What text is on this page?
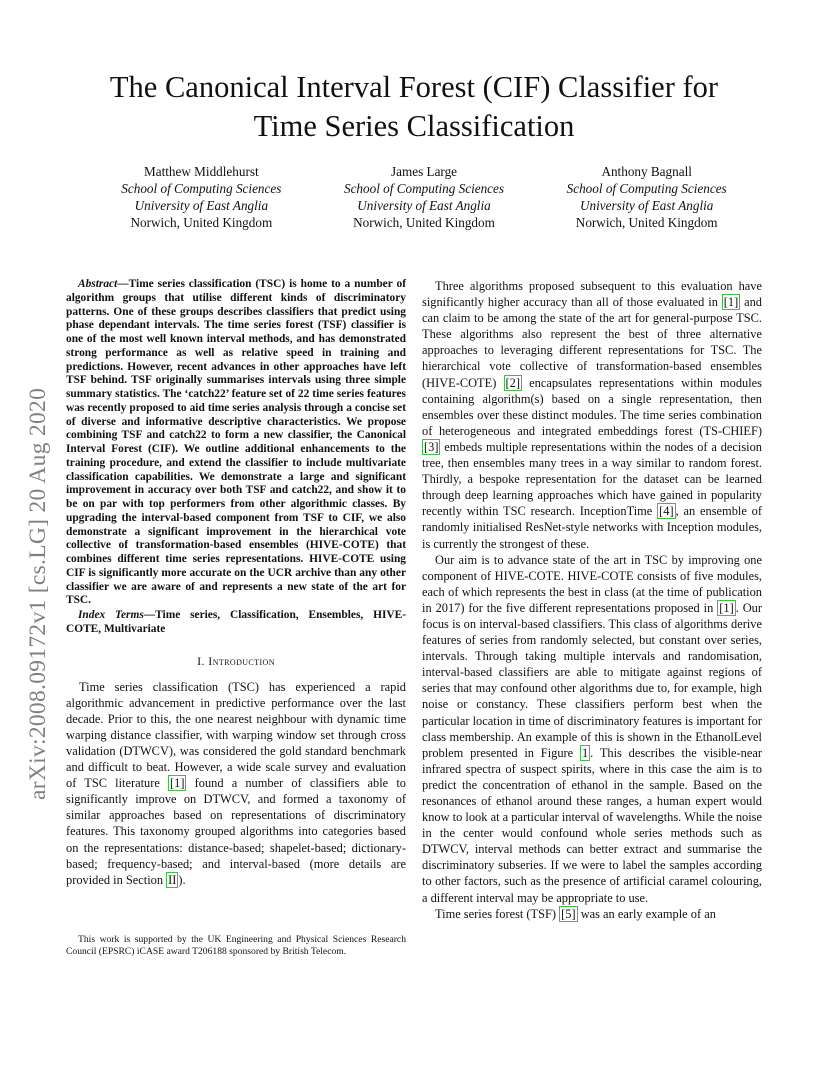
The Canonical Interval Forest (CIF) Classifier for
Time Series Classification
Matthew Middlehurst
School of Computing Sciences
University of East Anglia
Norwich, United Kingdom
James Large
School of Computing Sciences
University of East Anglia
Norwich, United Kingdom
Anthony Bagnall
School of Computing Sciences
University of East Anglia
Norwich, United Kingdom
arXiv:2008.09172v1 [cs.LG] 20 Aug 2020

Abstract—Time series classification (TSC) is home to a number of algorithm groups that utilise different kinds of discriminatory patterns. One of these groups describes classifiers that predict using phase dependant intervals. The time series forest (TSF) classifier is one of the most well known interval methods, and has demonstrated strong performance as well as relative speed in training and predictions. However, recent advances in other approaches have left TSF behind. TSF originally summarises intervals using three simple summary statistics. The ‘catch22’ feature set of 22 time series features was recently proposed to aid time series analysis through a concise set of diverse and informative descriptive characteristics. We propose combining TSF and catch22 to form a new classifier, the Canonical Interval Forest (CIF). We outline additional enhancements to the training procedure, and extend the classifier to include multivariate classification capabilities. We demonstrate a large and significant improvement in accuracy over both TSF and catch22, and show it to be on par with top performers from other algorithmic classes. By upgrading the interval-based component from TSF to CIF, we also demonstrate a significant improvement in the hierarchical vote collective of transformation-based ensembles (HIVE-COTE) that combines different time series representations. HIVE-COTE using CIF is significantly more accurate on the UCR archive than any other classifier we are aware of and represents a new state of the art for TSC.

Index Terms—Time series, Classification, Ensembles, HIVE-COTE, Multivariate

I. Introduction

Time series classification (TSC) has experienced a rapid algorithmic advancement in predictive performance over the last decade. Prior to this, the one nearest neighbour with dynamic time warping distance classifier, with warping window set through cross validation (DTWCV), was considered the gold standard benchmark and difficult to beat. However, a wide scale survey and evaluation of TSC literature [1] found a number of classifiers able to significantly improve on DTWCV, and formed a taxonomy of similar approaches based on representations of discriminatory features. This taxonomy grouped algorithms into categories based on the representations: distance-based; shapelet-based; dictionary-based; frequency-based; and interval-based (more details are provided in Section II ).

This work is supported by the UK Engineering and Physical Sciences Research Council (EPSRC) iCASE award T206188 sponsored by British Telecom.

Three algorithms proposed subsequent to this evaluation have significantly higher accuracy than all of those evaluated in [1] and can claim to be among the state of the art for general-purpose TSC. These algorithms also represent the best of three alternative approaches to leveraging different representations for TSC. The hierarchical vote collective of transformation-based ensembles (HIVE-COTE) [2] encapsulates representations within modules containing algorithm(s) based on a single representation, then ensembles over these distinct modules. The time series combination of heterogeneous and integrated embeddings forest (TS-CHIEF) [3] embeds multiple representations within the nodes of a decision tree, then ensembles many trees in a way similar to random forest. Thirdly, a bespoke representation for the dataset can be learned through deep learning approaches which have gained in popularity recently within TSC research. InceptionTime [4] , an ensemble of randomly initialised ResNet-style networks with Inception modules, is currently the strongest of these.

Our aim is to advance state of the art in TSC by improving one component of HIVE-COTE. HIVE-COTE consists of five modules, each of which represents the best in class (at the time of publication in 2017) for the five different representations proposed in [1] . Our focus is on interval-based classifiers. This class of algorithms derive features of series from randomly selected, but constant over series, intervals. Through taking multiple intervals and randomisation, interval-based classifiers are able to mitigate against regions of series that may confound other algorithms due to, for example, high noise or constancy. These classifiers perform best when the particular location in time of discriminatory features is important for class membership. An example of this is shown in the EthanolLevel problem presented in Figure 1 . This describes the visible-near infrared spectra of suspect spirits, where in this case the aim is to predict the concentration of ethanol in the sample. Based on the resonances of ethanol around these ranges, a human expert would know to look at a particular interval of wavelengths. While the noise in the center would confound whole series methods such as DTWCV, interval methods can better extract and summarise the discriminatory subseries. If we were to label the samples according to other factors, such as the presence of artificial caramel colouring, a different interval may be appropriate to use.

Time series forest (TSF) [5] was an early example of an
